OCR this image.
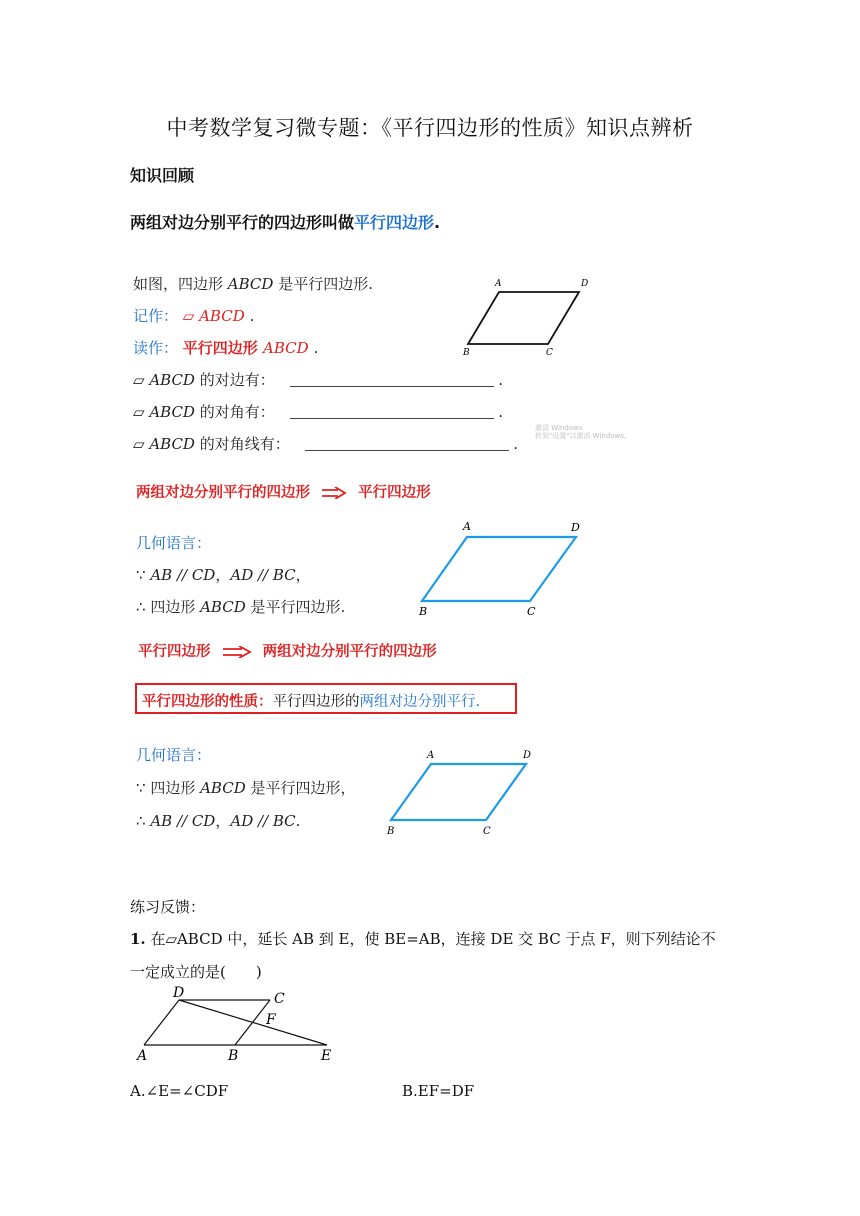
中考数学复习微专题：《平行四边形的性质》知识点辨析
知识回顾
两组对边分别平行的四边形叫做平行四边形.
如图，四边形 ABCD 是平行四边形.
记作： ▱ ABCD .
读作： 平行四边形 ABCD .
▱ ABCD 的对边有：	.
▱ ABCD 的对角有：	.
▱ ABCD 的对角线有：	.
激活 Windows
转到"设置"以激活 Windows。
A	D
B	C
两组对边分别平行的四边形	平行四边形
几何语言：
∵ AB // CD，AD // BC，
∴ 四边形 ABCD 是平行四边形.
A	D
B	C
平行四边形	两组对边分别平行的四边形
平行四边形的性质：平行四边形的两组对边分别平行.
几何语言：
∵ 四边形 ABCD 是平行四边形，
∴ AB // CD，AD // BC.
A	D
B	C
练习反馈：
1. 在▱ABCD 中，延长 AB 到 E，使 BE=AB，连接 DE 交 BC 于点 F，则下列结论不
一定成立的是(　　)
D	C
F
A	B	E
A.∠E=∠CDF	B.EF=DF
